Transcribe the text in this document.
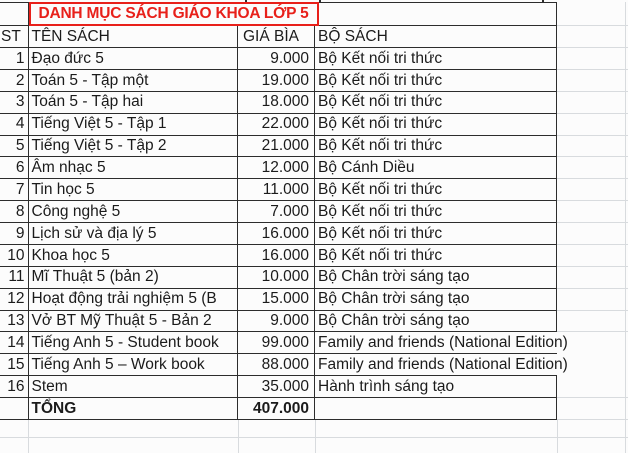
DANH MỤC SÁCH GIÁO KHOA LỚP 5
ST TÊN SÁCH	GIÁ BÌA	BỘ SÁCH
1 Đạo đức 5	9.000 Bộ Kết nối tri thức
2 Toán 5 - Tập một	19.000 Bộ Kết nối tri thức
3 Toán 5 - Tập hai	18.000 Bộ Kết nối tri thức
4 Tiếng Việt 5 - Tập 1	22.000 Bộ Kết nối tri thức
5 Tiếng Việt 5 - Tập 2	21.000 Bộ Kết nối tri thức
6 Âm nhạc 5	12.000 Bộ Cánh Diều
7 Tin học 5	11.000 Bộ Kết nối tri thức
8 Công nghệ 5	7.000 Bộ Kết nối tri thức
9 Lịch sử và địa lý 5	16.000 Bộ Kết nối tri thức
10 Khoa học 5	16.000 Bộ Kết nối tri thức
11 Mĩ Thuật 5 (bản 2)	10.000 Bộ Chân trời sáng tạo
12 Hoạt động trải nghiệm 5 (B	15.000 Bộ Chân trời sáng tạo
13 Vở BT Mỹ Thuật 5 - Bản 2	9.000 Bộ Chân trời sáng tạo
14 Tiếng Anh 5 - Student book	99.000 Family and friends (National Edition)
15 Tiếng Anh 5 – Work book	88.000 Family and friends (National Edition)
16 Stem	35.000 Hành trình sáng tạo
TỔNG	407.000
